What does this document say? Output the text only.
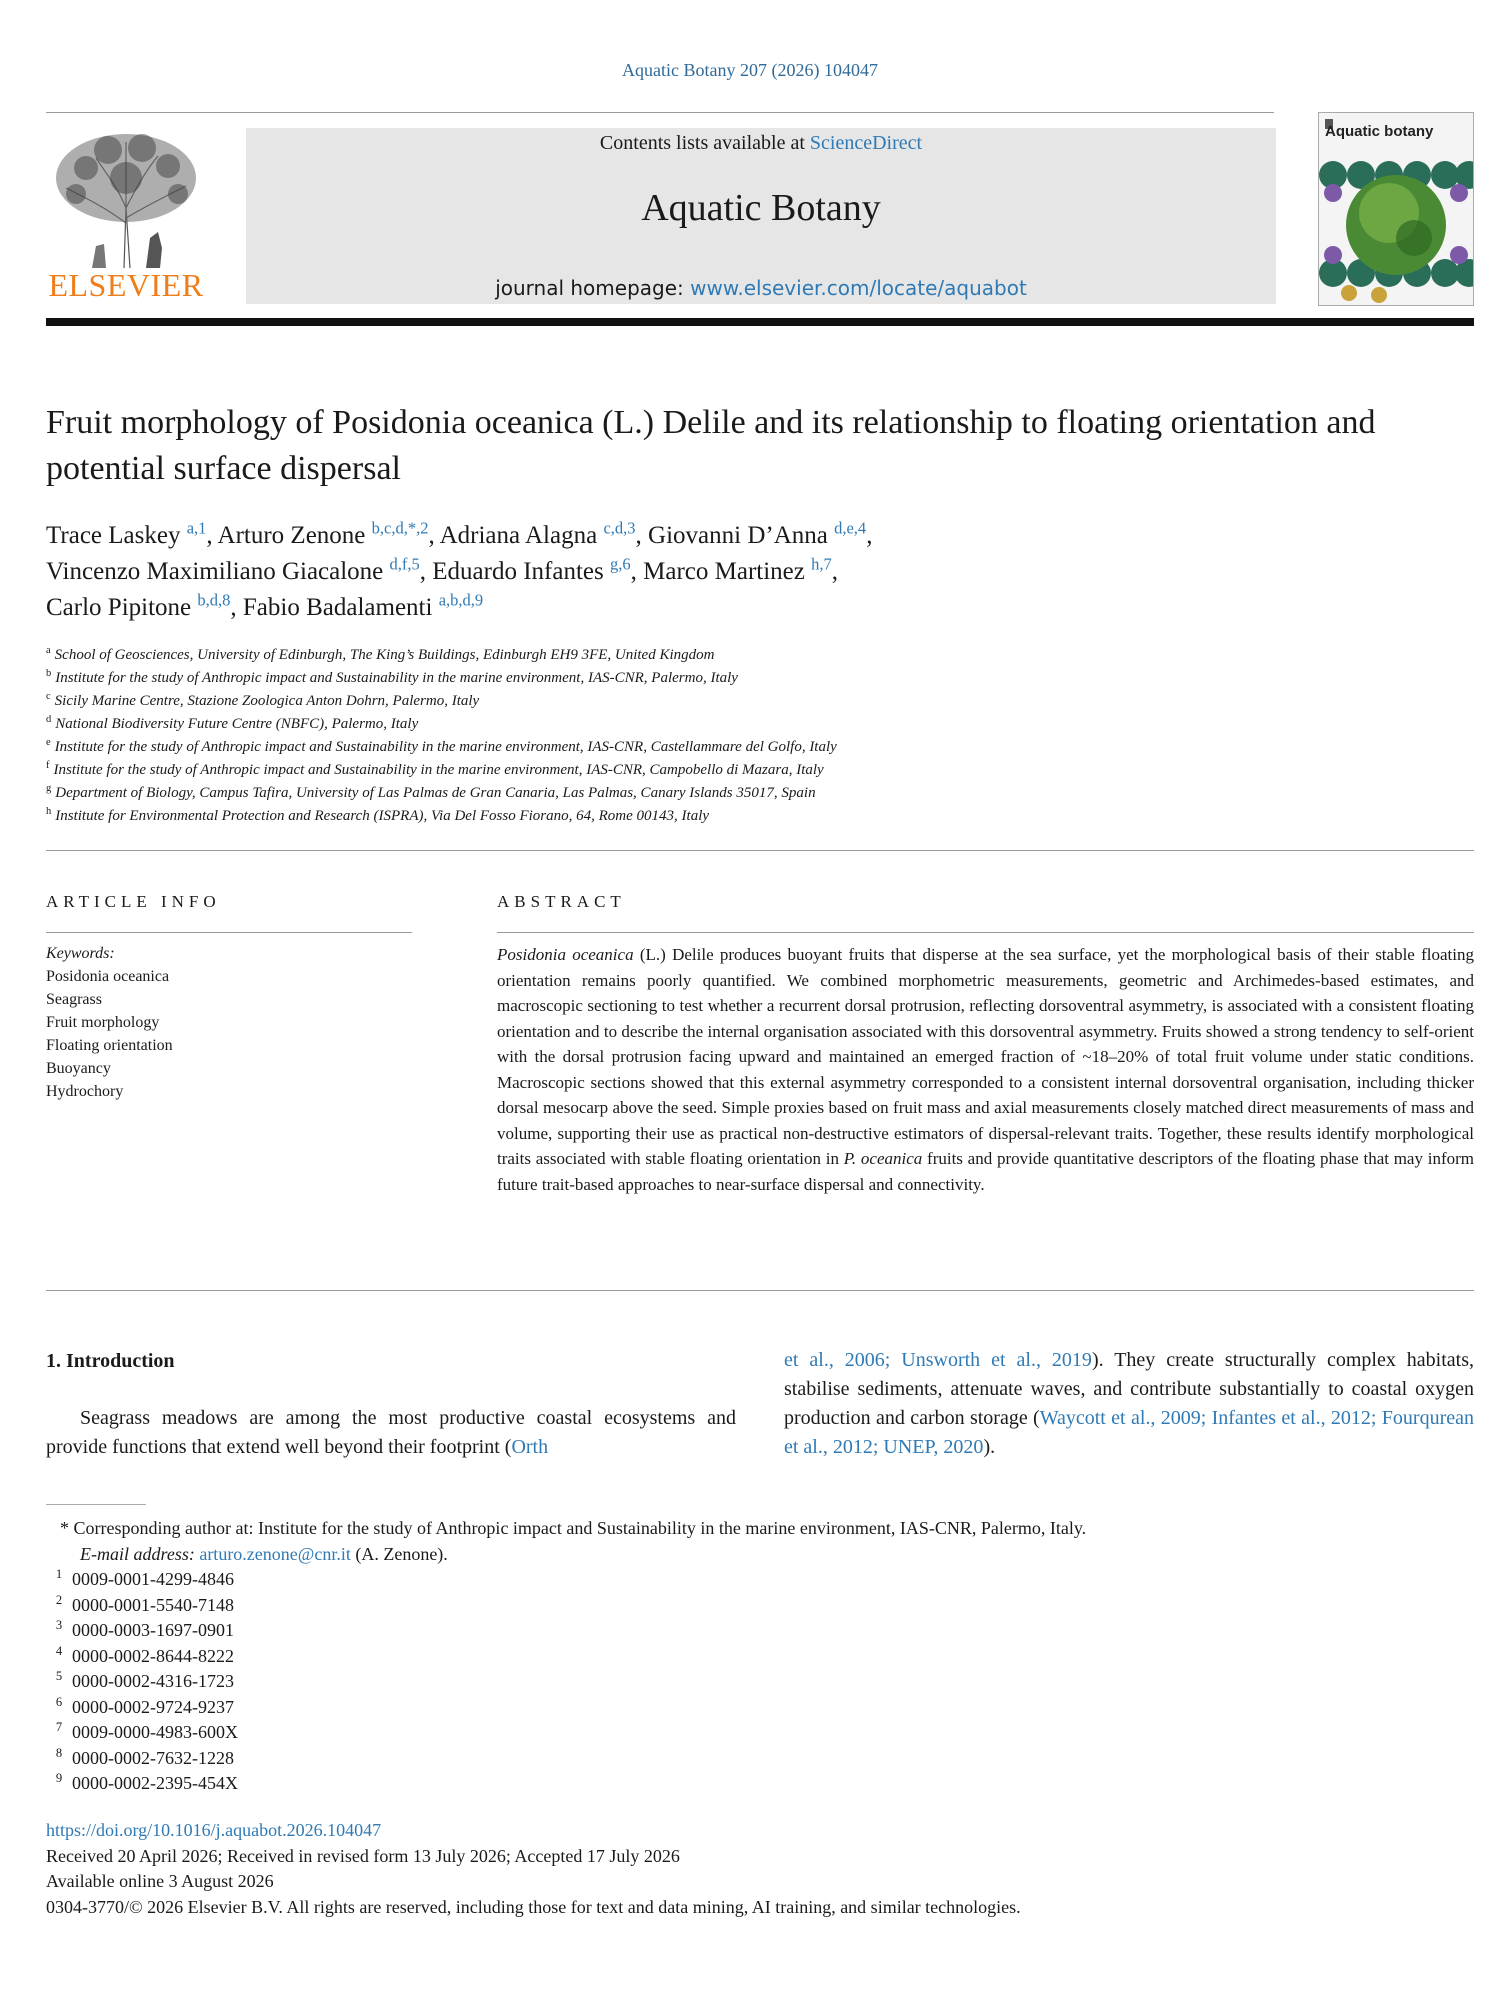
Aquatic Botany 207 (2026) 104047
ELSEVIER
Contents lists available at ScienceDirect
Aquatic Botany
journal homepage: www.elsevier.com/locate/aquabot
Aquatic botany
Fruit morphology of Posidonia oceanica (L.) Delile and its relationship to floating orientation and potential surface dispersal
Trace Laskey $^{a,1}$, Arturo Zenone $^{b,c,d,*,2}$, Adriana Alagna $^{c,d,3}$, Giovanni D’Anna $^{d,e,4}$,
Vincenzo Maximiliano Giacalone $^{d,f,5}$, Eduardo Infantes $^{g,6}$, Marco Martinez $^{h,7}$,
Carlo Pipitone $^{b,d,8}$, Fabio Badalamenti $^{a,b,d,9}$
$^a$ School of Geosciences, University of Edinburgh, The King’s Buildings, Edinburgh EH9 3FE, United Kingdom
$^b$ Institute for the study of Anthropic impact and Sustainability in the marine environment, IAS-CNR, Palermo, Italy
$^c$ Sicily Marine Centre, Stazione Zoologica Anton Dohrn, Palermo, Italy
$^d$ National Biodiversity Future Centre (NBFC), Palermo, Italy
$^e$ Institute for the study of Anthropic impact and Sustainability in the marine environment, IAS-CNR, Castellammare del Golfo, Italy
$^f$ Institute for the study of Anthropic impact and Sustainability in the marine environment, IAS-CNR, Campobello di Mazara, Italy
$^g$ Department of Biology, Campus Tafira, University of Las Palmas de Gran Canaria, Las Palmas, Canary Islands 35017, Spain
$^h$ Institute for Environmental Protection and Research (ISPRA), Via Del Fosso Fiorano, 64, Rome 00143, Italy
ARTICLE INFO
Keywords:
Posidonia oceanica
Seagrass
Fruit morphology
Floating orientation
Buoyancy
Hydrochory
ABSTRACT
Posidonia oceanica (L.) Delile produces buoyant fruits that disperse at the sea surface, yet the morphological basis of their stable floating orientation remains poorly quantified. We combined morphometric measurements, geometric and Archimedes-based estimates, and macroscopic sectioning to test whether a recurrent dorsal protrusion, reflecting dorsoventral asymmetry, is associated with a consistent floating orientation and to describe the internal organisation associated with this dorsoventral asymmetry. Fruits showed a strong tendency to self-orient with the dorsal protrusion facing upward and maintained an emerged fraction of ~18–20% of total fruit volume under static conditions. Macroscopic sections showed that this external asymmetry corresponded to a consistent internal dorsoventral organisation, including thicker dorsal mesocarp above the seed. Simple proxies based on fruit mass and axial measurements closely matched direct measurements of mass and volume, supporting their use as practical non-destructive estimators of dispersal-relevant traits. Together, these results identify morphological traits associated with stable floating orientation in P. oceanica fruits and provide quantitative descriptors of the floating phase that may inform future trait-based approaches to near-surface dispersal and connectivity.
1. Introduction
Seagrass meadows are among the most productive coastal ecosystems and provide functions that extend well beyond their footprint (Orth
et al., 2006; Unsworth et al., 2019). They create structurally complex habitats, stabilise sediments, attenuate waves, and contribute substantially to coastal oxygen production and carbon storage (Waycott et al., 2009; Infantes et al., 2012; Fourqurean et al., 2012; UNEP, 2020).
* Corresponding author at: Institute for the study of Anthropic impact and Sustainability in the marine environment, IAS-CNR, Palermo, Italy.
E-mail address: arturo.zenone@cnr.it (A. Zenone).
1 0009-0001-4299-4846
2 0000-0001-5540-7148
3 0000-0003-1697-0901
4 0000-0002-8644-8222
5 0000-0002-4316-1723
6 0000-0002-9724-9237
7 0009-0000-4983-600X
8 0000-0002-7632-1228
9 0000-0002-2395-454X
https://doi.org/10.1016/j.aquabot.2026.104047
Received 20 April 2026; Received in revised form 13 July 2026; Accepted 17 July 2026
Available online 3 August 2026
0304-3770/© 2026 Elsevier B.V. All rights are reserved, including those for text and data mining, AI training, and similar technologies.
